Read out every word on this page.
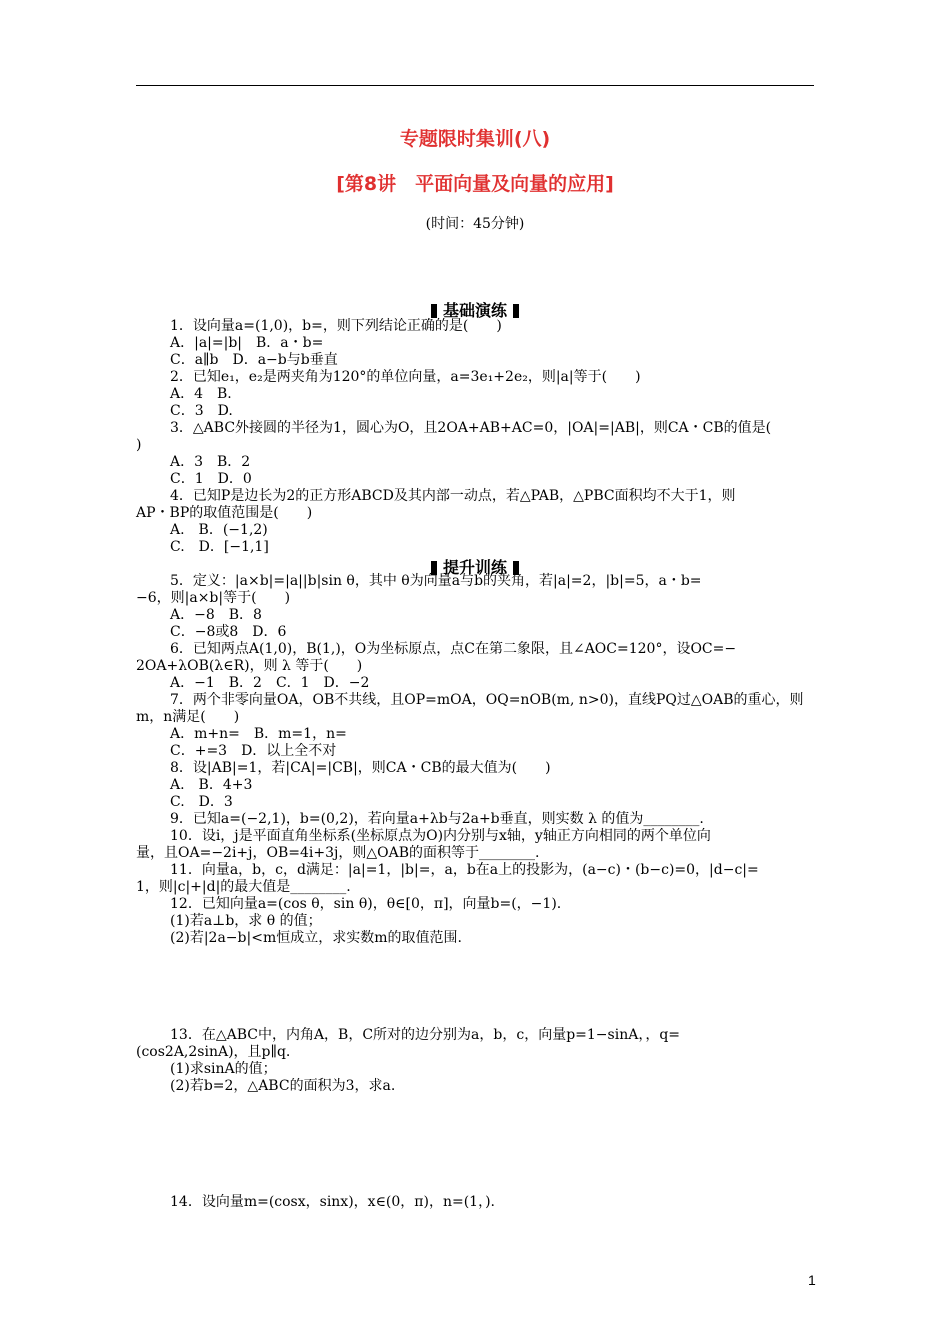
专题限时集训(八)
[第8讲　平面向量及向量的应用]
(时间：45分钟)
基础演练
1．设向量a=(1,0)，b=，则下列结论正确的是(　　)
A．|a|=|b|　B．a・b=
C．a∥b　D．a−b与b垂直
2．已知e₁，e₂是两夹角为120°的单位向量，a=3e₁+2e₂，则|a|等于(　　)
A．4　B.
C．3　D.
3．△ABC外接圆的半径为1，圆心为O，且2OA+AB+AC=0，|OA|=|AB|，则CA・CB的值是(
)
A．3　B．2
C．1　D．0
4．已知P是边长为2的正方形ABCD及其内部一动点，若△PAB，△PBC面积均不大于1，则
AP・BP的取值范围是(　　)
A.　B．(−1,2)
C.　D．[−1,1]
提升训练
5．定义：|a×b|=|a||b|sin θ，其中 θ为向量a与b的夹角，若|a|=2，|b|=5，a・b=
−6，则|a×b|等于(　　)
A．−8　B．8
C．−8或8　D．6
6．已知两点A(1,0)，B(1,)，O为坐标原点，点C在第二象限，且∠AOC=120°，设OC=−
2OA+λOB(λ∈R)，则 λ 等于(　　)
A．−1　B．2　C．1　D．−2
7．两个非零向量OA，OB不共线，且OP=mOA，OQ=nOB(m, n>0)，直线PQ过△OAB的重心，则
m，n满足(　　)
A．m+n=　B．m=1，n=
C．+=3　D．以上全不对
8．设|AB|=1，若|CA|=|CB|，则CA・CB的最大值为(　　)
A.　B．4+3
C.　D．3
9．已知a=(−2,1)，b=(0,2)，若向量a+λb与2a+b垂直，则实数 λ 的值为________.
10．设i，j是平面直角坐标系(坐标原点为O)内分别与x轴，y轴正方向相同的两个单位向
量，且OA=−2i+j，OB=4i+3j，则△OAB的面积等于________.
11．向量a，b，c，d满足：|a|=1，|b|=，a，b在a上的投影为，(a−c)・(b−c)=0，|d−c|=
1，则|c|+|d|的最大值是________.
12．已知向量a=(cos θ，sin θ)，θ∈[0，π]，向量b=(，−1).
(1)若a⊥b，求 θ 的值；
(2)若|2a−b|<m恒成立，求实数m的取值范围.
13．在△ABC中，内角A，B，C所对的边分别为a，b，c，向量p=1−sinA，，q=
(cos2A,2sinA)，且p∥q.
(1)求sinA的值；
(2)若b=2，△ABC的面积为3，求a.
14．设向量m=(cosx，sinx)，x∈(0，π)，n=(1，).
1
